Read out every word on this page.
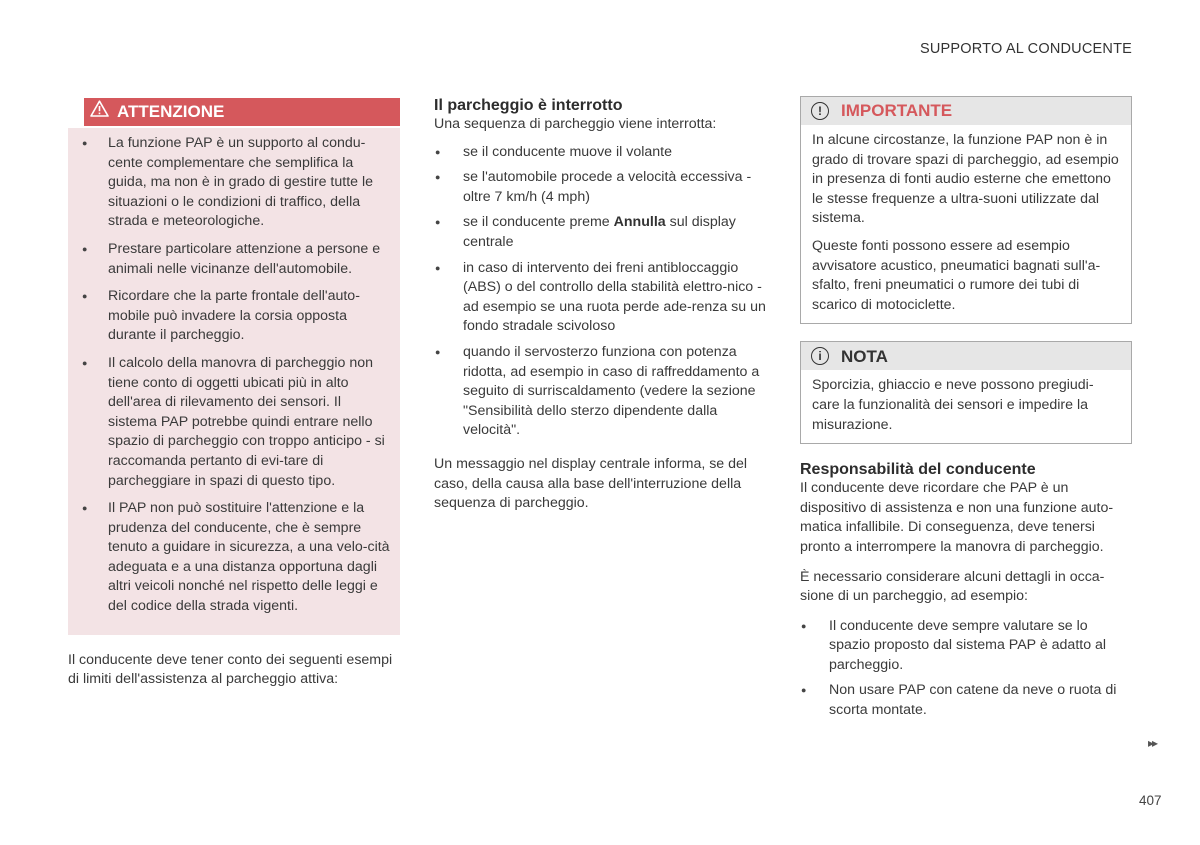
SUPPORTO AL CONDUCENTE
ATTENZIONE
● La funzione PAP è un supporto al condu-cente complementare che semplifica la guida, ma non è in grado di gestire tutte le situazioni o le condizioni di traffico, della strada e meteorologiche.
● Prestare particolare attenzione a persone e animali nelle vicinanze dell'automobile.
● Ricordare che la parte frontale dell'auto-mobile può invadere la corsia opposta durante il parcheggio.
● Il calcolo della manovra di parcheggio non tiene conto di oggetti ubicati più in alto dell'area di rilevamento dei sensori. Il sistema PAP potrebbe quindi entrare nello spazio di parcheggio con troppo anticipo - si raccomanda pertanto di evi-tare di parcheggiare in spazi di questo tipo.
● Il PAP non può sostituire l'attenzione e la prudenza del conducente, che è sempre tenuto a guidare in sicurezza, a una velo-cità adeguata e a una distanza opportuna dagli altri veicoli nonché nel rispetto delle leggi e del codice della strada vigenti.

Il conducente deve tener conto dei seguenti esempi di limiti dell'assistenza al parcheggio attiva:

Il parcheggio è interrotto

Una sequenza di parcheggio viene interrotta:

● se il conducente muove il volante
● se l'automobile procede a velocità eccessiva - oltre 7 km/h (4 mph)
● se il conducente preme Annulla sul display centrale
● in caso di intervento dei freni antibloccaggio (ABS) o del controllo della stabilità elettro-nico - ad esempio se una ruota perde ade-renza su un fondo stradale scivoloso
● quando il servosterzo funziona con potenza ridotta, ad esempio in caso di raffreddamento a seguito di surriscaldamento (vedere la sezione "Sensibilità dello sterzo dipendente dalla velocità".

Un messaggio nel display centrale informa, se del caso, della causa alla base dell'interruzione della sequenza di parcheggio.

!	IMPORTANTE

In alcune circostanze, la funzione PAP non è in grado di trovare spazi di parcheggio, ad esempio in presenza di fonti audio esterne che emettono le stesse frequenze a ultra-suoni utilizzate dal sistema.

Queste fonti possono essere ad esempio avvisatore acustico, pneumatici bagnati sull'a-sfalto, freni pneumatici o rumore dei tubi di scarico di motociclette.

i	NOTA

Sporcizia, ghiaccio e neve possono pregiudi-care la funzionalità dei sensori e impedire la misurazione.

Responsabilità del conducente

Il conducente deve ricordare che PAP è un dispositivo di assistenza e non una funzione auto-matica infallibile. Di conseguenza, deve tenersi pronto a interrompere la manovra di parcheggio.

È necessario considerare alcuni dettagli in occa-sione di un parcheggio, ad esempio:

● Il conducente deve sempre valutare se lo spazio proposto dal sistema PAP è adatto al parcheggio.
● Non usare PAP con catene da neve o ruota di scorta montate.
▸▸
407
